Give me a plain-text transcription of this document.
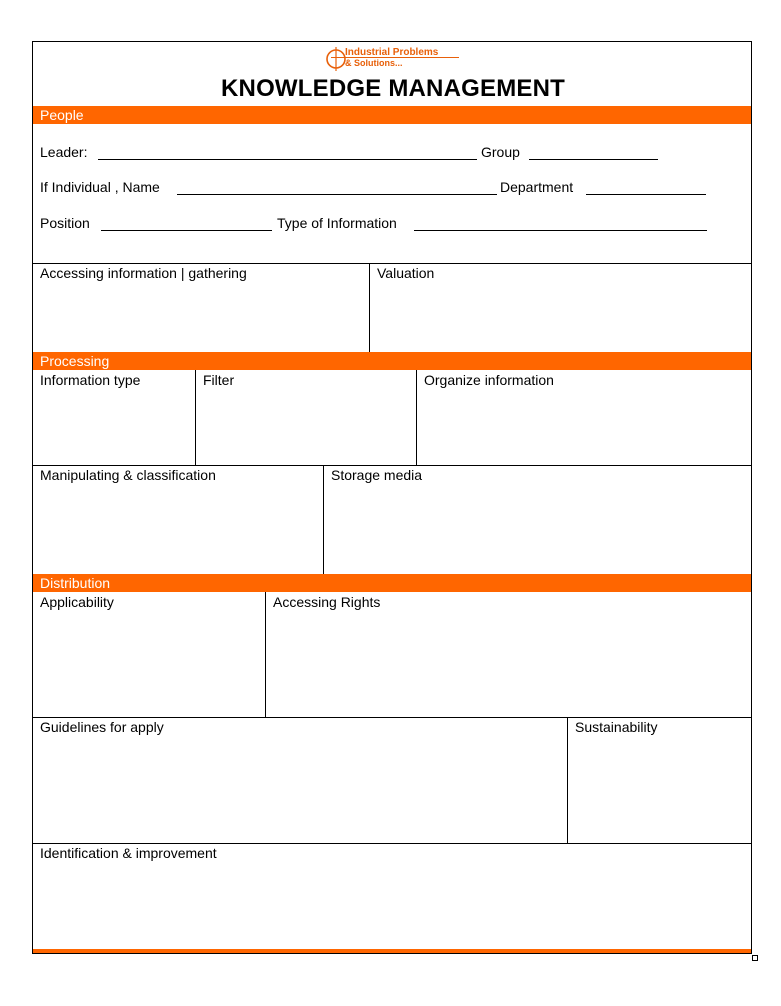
Industrial Problems
& Solutions...
KNOWLEDGE MANAGEMENT
People
Leader:	Group
If Individual , Name	Department
Position	Type of Information
Accessing information | gathering	Valuation
Processing
Information type	Filter	Organize information
Manipulating & classification	Storage media
Distribution
Applicability	Accessing Rights
Guidelines for apply	Sustainability
Identification & improvement
